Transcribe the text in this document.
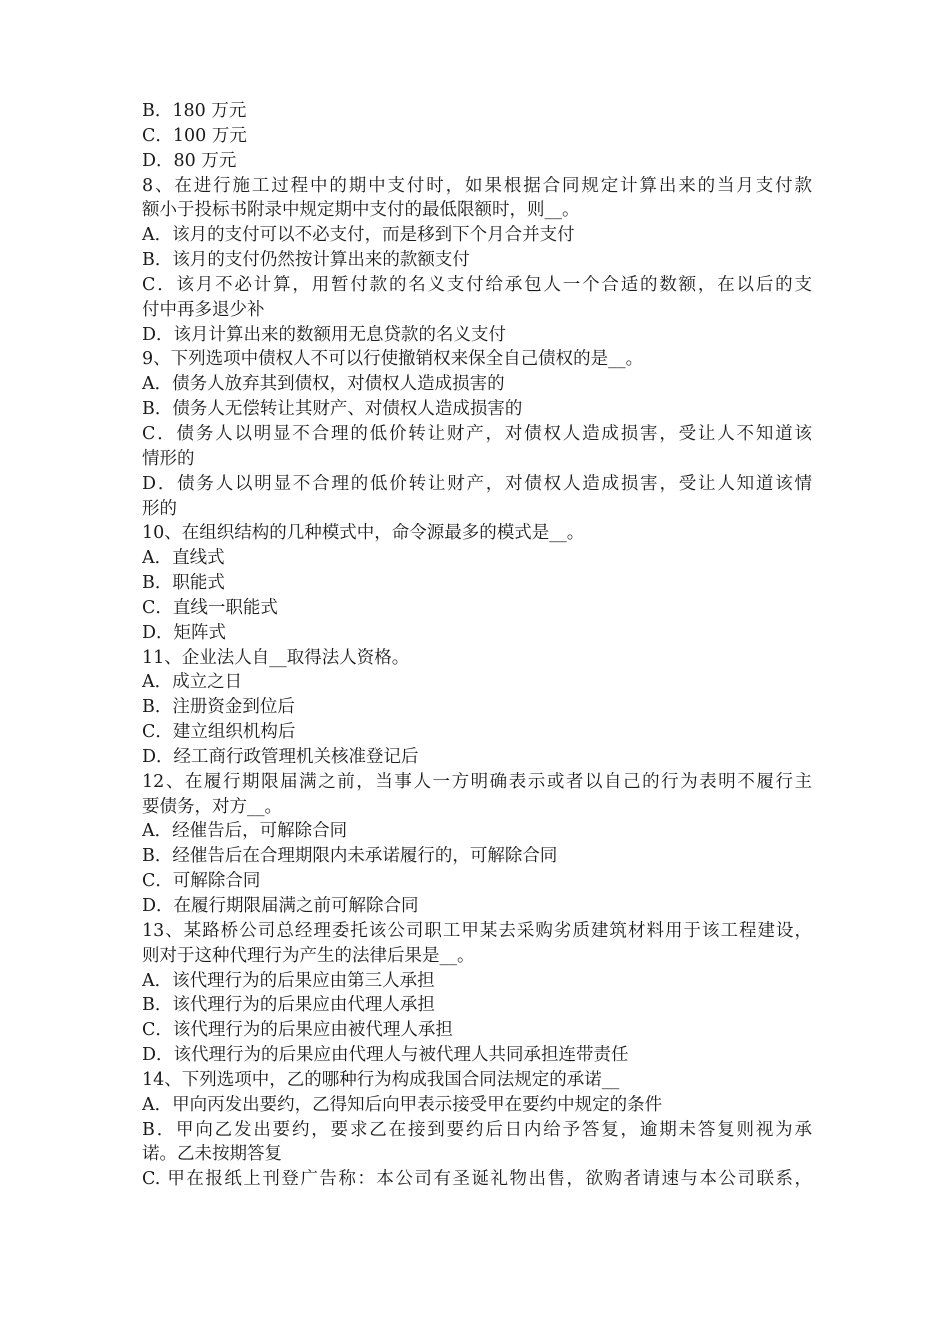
B．180 万元
C．100 万元
D．80 万元
8、在进行施工过程中的期中支付时，如果根据合同规定计算出来的当月支付款
额小于投标书附录中规定期中支付的最低限额时，则__。
A．该月的支付可以不必支付，而是移到下个月合并支付
B．该月的支付仍然按计算出来的款额支付
C．该月不必计算，用暂付款的名义支付给承包人一个合适的数额，在以后的支
付中再多退少补
D．该月计算出来的数额用无息贷款的名义支付
9、下列选项中债权人不可以行使撤销权来保全自己债权的是__。
A．债务人放弃其到债权，对债权人造成损害的
B．债务人无偿转让其财产、对债权人造成损害的
C．债务人以明显不合理的低价转让财产，对债权人造成损害，受让人不知道该
情形的
D．债务人以明显不合理的低价转让财产，对债权人造成损害，受让人知道该情
形的
10、在组织结构的几种模式中，命令源最多的模式是__。
A．直线式
B．职能式
C．直线一职能式
D．矩阵式
11、企业法人自__取得法人资格。
A．成立之日
B．注册资金到位后
C．建立组织机构后
D．经工商行政管理机关核准登记后
12、在履行期限届满之前，当事人一方明确表示或者以自己的行为表明不履行主
要债务，对方__。
A．经催告后，可解除合同
B．经催告后在合理期限内未承诺履行的，可解除合同
C．可解除合同
D．在履行期限届满之前可解除合同
13、某路桥公司总经理委托该公司职工甲某去采购劣质建筑材料用于该工程建设，
则对于这种代理行为产生的法律后果是__。
A．该代理行为的后果应由第三人承担
B．该代理行为的后果应由代理人承担
C．该代理行为的后果应由被代理人承担
D．该代理行为的后果应由代理人与被代理人共同承担连带责任
14、下列选项中，乙的哪种行为构成我国合同法规定的承诺__
A．甲向丙发出要约，乙得知后向甲表示接受甲在要约中规定的条件
B．甲向乙发出要约，要求乙在接到要约后日内给予答复，逾期未答复则视为承
诺。乙未按期答复
C. 甲在报纸上刊登广告称：本公司有圣诞礼物出售，欲购者请速与本公司联系，
